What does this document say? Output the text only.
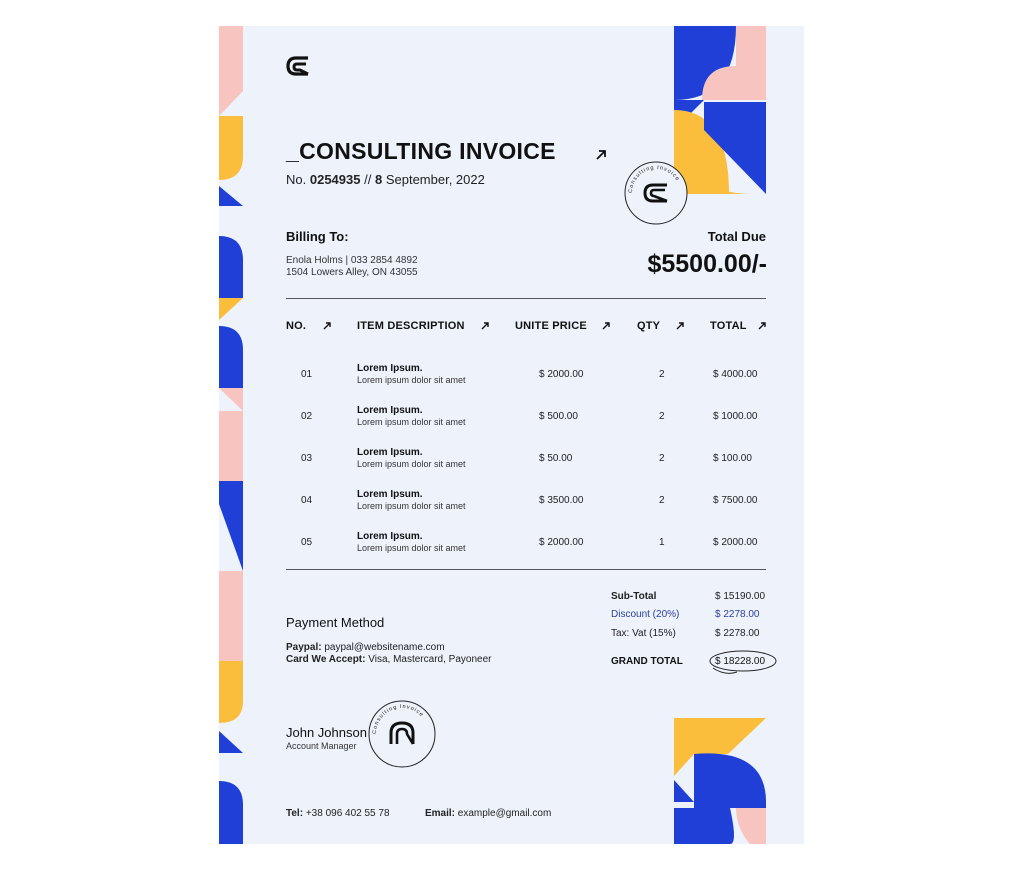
_CONSULTING INVOICE
No. 0254935 // 8 September, 2022
Consulting Invoice
Billing To:
Enola Holms | 033 2854 4892
1504 Lowers Alley, ON 43055
Total Due
$5500.00/-
NO.	ITEM DESCRIPTION	UNITE PRICE	QTY	TOTAL
01
Lorem Ipsum.
Lorem ipsum dolor sit amet	$ 2000.00	2	$ 4000.00
02
Lorem Ipsum.
Lorem ipsum dolor sit amet	$ 500.00	2	$ 1000.00
03
Lorem Ipsum.
Lorem ipsum dolor sit amet	$ 50.00	2	$ 100.00
04
Lorem Ipsum.
Lorem ipsum dolor sit amet	$ 3500.00	2	$ 7500.00
05
Lorem Ipsum.
Lorem ipsum dolor sit amet	$ 2000.00	1	$ 2000.00
Sub-Total	$ 15190.00
Discount (20%)	$ 2278.00
Tax: Vat (15%)	$ 2278.00
GRAND TOTAL	$ 18228.00
Payment Method
Paypal: paypal@websitename.com
Card We Accept: Visa, Mastercard, Payoneer
Consulting Invoice
John Johnson
Account Manager
Tel: +38 096 402 55 78	Email: example@gmail.com
